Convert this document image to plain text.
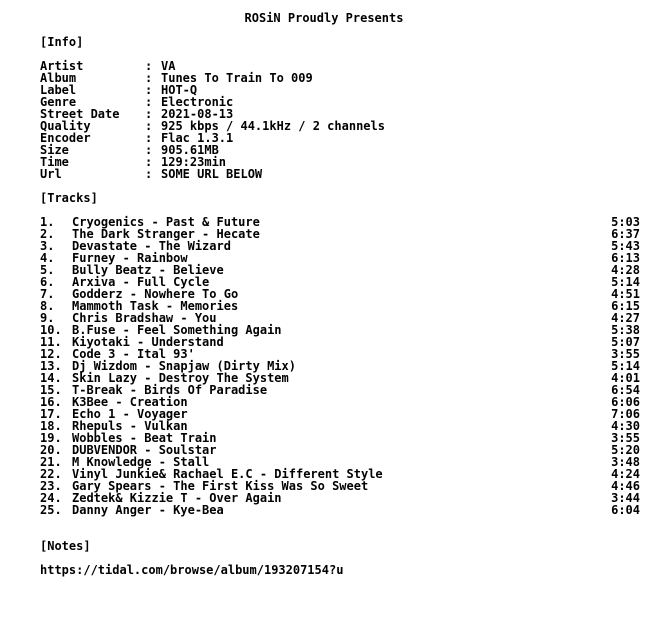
ROSiN Proudly Presents
[Info]
Artist	: VA
Album	: Tunes To Train To 009
Label	: HOT-Q
Genre	: Electronic
Street Date : 2021-08-13
Quality	: 925 kbps / 44.1kHz / 2 channels
Encoder	: Flac 1.3.1
Size	: 905.61MB
Time	: 129:23min
Url	: SOME URL BELOW
[Tracks]
1. Cryogenics - Past & Future	5:03
2. The Dark Stranger - Hecate	6:37
3. Devastate - The Wizard	5:43
4. Furney - Rainbow	6:13
5. Bully Beatz - Believe	4:28
6. Arxiva - Full Cycle	5:14
7. Godderz - Nowhere To Go	4:51
8. Mammoth Task - Memories	6:15
9. Chris Bradshaw - You	4:27
10. B.Fuse - Feel Something Again	5:38
11. Kiyotaki - Understand	5:07
12. Code 3 - Ital 93'	3:55
13. Dj Wizdom - Snapjaw (Dirty Mix)	5:14
14. Skin Lazy - Destroy The System	4:01
15. T-Break - Birds Of Paradise	6:54
16. K3Bee - Creation	6:06
17. Echo 1 - Voyager	7:06
18. Rhepuls - Vulkan	4:30
19. Wobbles - Beat Train	3:55
20. DUBVENDOR - Soulstar	5:20
21. M Knowledge - Stall	3:48
22. Vinyl Junkie& Rachael E.C - Different Style	4:24
23. Gary Spears - The First Kiss Was So Sweet	4:46
24. Zedtek& Kizzie T - Over Again	3:44
25. Danny Anger - Kye-Bea	6:04
[Notes]
https://tidal.com/browse/album/193207154?u
